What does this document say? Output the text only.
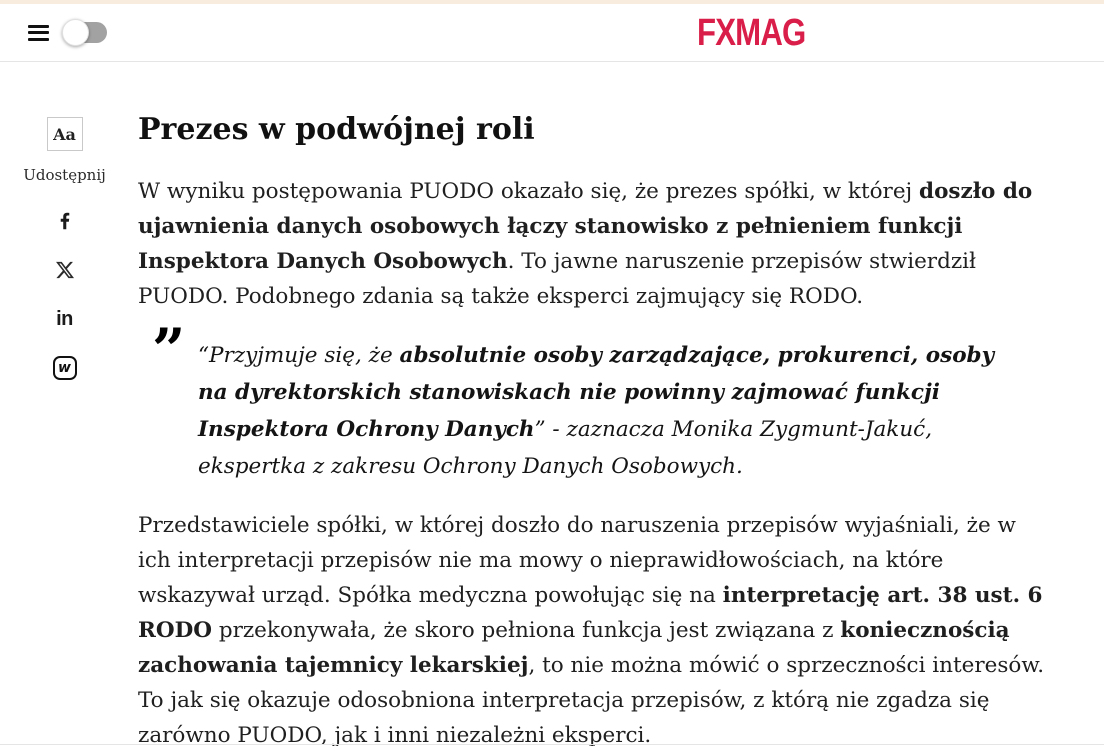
FXMAG
Aa
Udostępnij
in
w
Prezes w podwójnej roli

W wyniku postępowania PUODO okazało się, że prezes spółki, w której doszło do ujawnienia danych osobowych łączy stanowisko z pełnieniem funkcji Inspektora Danych Osobowych. To jawne naruszenie przepisów stwierdził PUODO. Podobnego zdania są także eksperci zajmujący się RODO.

” “Przyjmuje się, że absolutnie osoby zarządzające, prokurenci, osoby na dyrektorskich stanowiskach nie powinny zajmować funkcji Inspektora Ochrony Danych” - zaznacza Monika Zygmunt-Jakuć, ekspertka z zakresu Ochrony Danych Osobowych.

Przedstawiciele spółki, w której doszło do naruszenia przepisów wyjaśniali, że w ich interpretacji przepisów nie ma mowy o nieprawidłowościach, na które wskazywał urząd. Spółka medyczna powołując się na interpretację art. 38 ust. 6 RODO przekonywała, że skoro pełniona funkcja jest związana z koniecznością zachowania tajemnicy lekarskiej, to nie można mówić o sprzeczności interesów. To jak się okazuje odosobniona interpretacja przepisów, z którą nie zgadza się zarówno PUODO, jak i inni niezależni eksperci.
